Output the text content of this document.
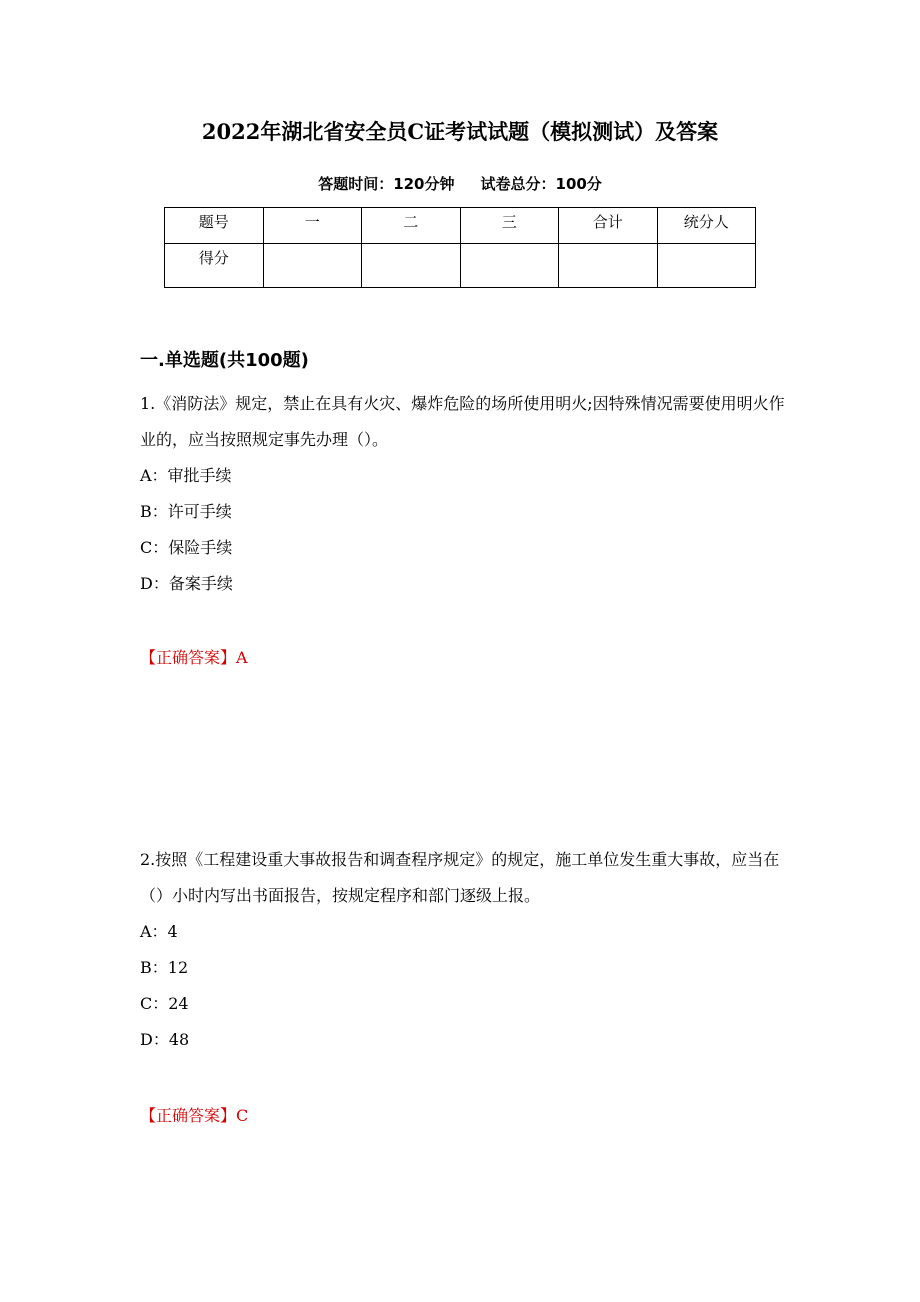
2022年湖北省安全员C证考试试题（模拟测试）及答案
答题时间：120分钟 试卷总分：100分
题号	一	二	三	合计	统分人
得分					
一.单选题(共100题)
1.《消防法》规定，禁止在具有火灾、爆炸危险的场所使用明火;因特殊情况需要使用明火作业的，应当按照规定事先办理（）。
A：审批手续
B：许可手续
C：保险手续
D：备案手续
【正确答案】A
2.按照《工程建设重大事故报告和调查程序规定》的规定，施工单位发生重大事故，应当在（）小时内写出书面报告，按规定程序和部门逐级上报。
A：4
B：12
C：24
D：48
【正确答案】C
